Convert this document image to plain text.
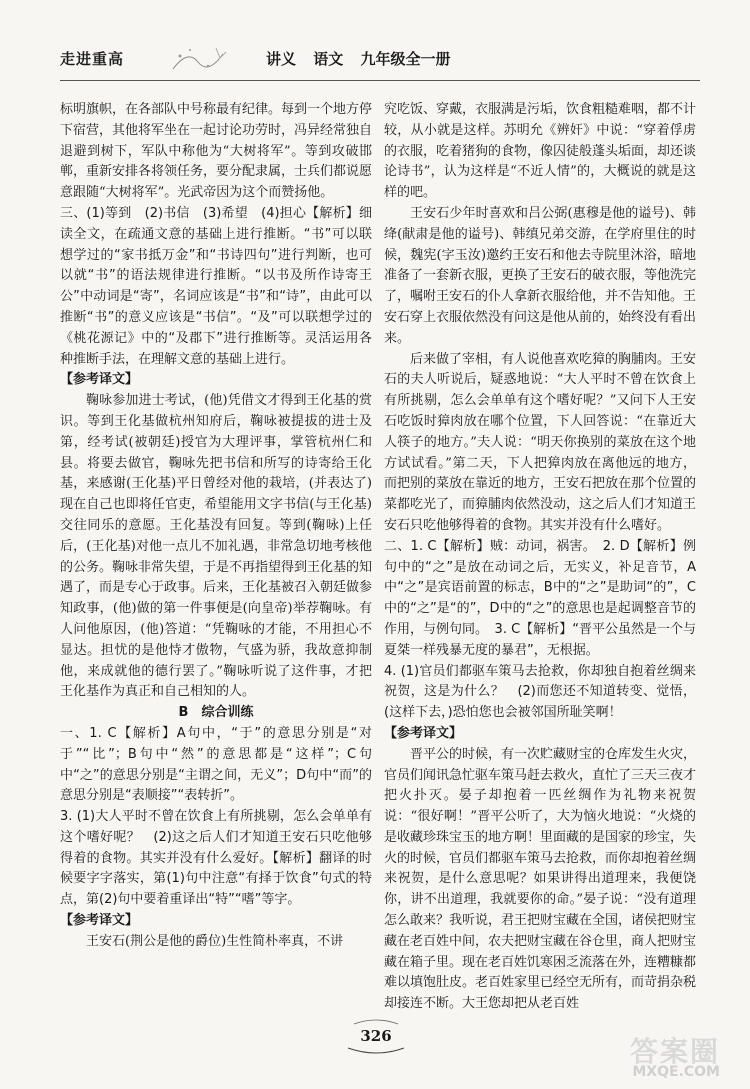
走进重高	讲义 语文 九年级全一册

标明旗帜，在各部队中号称最有纪律。每到一个地方停下宿营，其他将军坐在一起讨论功劳时，冯异经常独自退避到树下，军队中称他为“大树将军”。等到攻破邯郸，重新安排各将领任务，要分配隶属，士兵们都说愿意跟随“大树将军”。光武帝因为这个而赞扬他。

三、(1)等到　(2)书信　(3)希望　(4)担心【解析】细读全文，在疏通文意的基础上进行推断。“书”可以联想学过的“家书抵万金”和“书诗四句”进行判断，也可以就“书”的语法规律进行推断。“以书及所作诗寄王公”中动词是“寄”，名词应该是“书”和“诗”，由此可以推断“书”的意义应该是“书信”。“及”可以联想学过的《桃花源记》中的“及郡下”进行推断等。灵活运用各种推断手法，在理解文意的基础上进行。

【参考译文】

鞠咏参加进士考试，(他)凭借文才得到王化基的赏识。等到王化基做杭州知府后，鞠咏被提拔的进士及第，经考试(被朝廷)授官为大理评事，掌管杭州仁和县。将要去做官，鞠咏先把书信和所写的诗寄给王化基，来感谢(王化基)平日曾经对他的栽培，(并表达了)现在自己也即将任官吏，希望能用文字书信(与王化基)交往同乐的意愿。王化基没有回复。等到(鞠咏)上任后，(王化基)对他一点儿不加礼遇，非常急切地考核他的公务。鞠咏非常失望，于是不再指望得到王化基的知遇了，而是专心于政事。后来，王化基被召入朝廷做参知政事，(他)做的第一件事便是(向皇帝)举荐鞠咏。有人问他原因，(他)答道：“凭鞠咏的才能，不用担心不显达。担忧的是他恃才傲物，气盛为骄，我故意抑制他，来成就他的德行罢了。”鞠咏听说了这件事，才把王化基作为真正和自己相知的人。

B　综合训练

一、1. C【解析】A句中，“于”的意思分别是“对于”“比”；B句中“然”的意思都是“这样”；C句中“之”的意思分别是“主谓之间，无义”；D句中“而”的意思分别是“表顺接”“表转折”。

3. (1)大人平时不曾在饮食上有所挑剔，怎么会单单有这个嗜好呢？　(2)这之后人们才知道王安石只吃他够得着的食物。其实并没有什么爱好。【解析】翻译的时候要字字落实，第(1)句中注意“有择于饮食”句式的特点，第(2)句中要着重译出“特”“嗜”等字。

【参考译文】

王安石(荆公是他的爵位)生性简朴率真，不讲

究吃饭、穿戴，衣服满是污垢，饮食粗糙难咽，都不计较，从小就是这样。苏明允《辨奸》中说：“穿着俘虏的衣服，吃着猪狗的食物，像囚徒般蓬头垢面，却还谈论诗书”，认为这样是“不近人情”的，大概说的就是这样的吧。

王安石少年时喜欢和吕公弼(惠穆是他的谥号)、韩绛(献肃是他的谥号)、韩缜兄弟交游，在学府里住的时候，魏宪(字玉汝)邀约王安石和他去寺院里沐浴，暗地准备了一套新衣服，更换了王安石的破衣服，等他洗完了，嘱咐王安石的仆人拿新衣服给他，并不告知他。王安石穿上衣服依然没有问这是他从前的，始终没有看出来。

后来做了宰相，有人说他喜欢吃獐的胸脯肉。王安石的夫人听说后，疑惑地说：“大人平时不曾在饮食上有所挑剔，怎么会单单有这个嗜好呢？”又问下人王安石吃饭时獐肉放在哪个位置，下人回答说：“在靠近大人筷子的地方。”夫人说：“明天你换别的菜放在这个地方试试看。”第二天，下人把獐肉放在离他远的地方，而把别的菜放在靠近的地方，王安石把放在那个位置的菜都吃光了，而獐脯肉依然没动，这之后人们才知道王安石只吃他够得着的食物。其实并没有什么嗜好。

二、1. C【解析】贼：动词，祸害。　2. D【解析】例句中的“之”是放在动词之后，无实义，补足音节，A中“之”是宾语前置的标志，B中的“之”是助词“的”，C中的“之”是“的”，D中的“之”的意思也是起调整音节的作用，与例句同。　3. C【解析】“晋平公虽然是一个与夏桀一样残暴无度的暴君”，无根据。

4. (1)官员们都驱车策马去抢救，你却独自抱着丝绸来祝贺，这是为什么？　(2)而您还不知道转变、觉悟，(这样下去，)恐怕您也会被邻国所耻笑啊！

【参考译文】

晋平公的时候，有一次贮藏财宝的仓库发生火灾，官员们闻讯急忙驱车策马赶去救火，直忙了三天三夜才把火扑灭。晏子却抱着一匹丝绸作为礼物来祝贺说：“很好啊！”晋平公听了，大为恼火地说：“火烧的是收藏珍珠宝玉的地方啊！里面藏的是国家的珍宝，失火的时候，官员们都驱车策马去抢救，而你却抱着丝绸来祝贺，是什么意思呢？如果讲得出道理来，我便饶你，讲不出道理，我就要你的命。”晏子说：“没有道理怎么敢来？我听说，君王把财宝藏在全国，诸侯把财宝藏在老百姓中间，农夫把财宝藏在谷仓里，商人把财宝藏在箱子里。现在老百姓饥寒困乏流落在外，连糟糠都难以填饱肚皮。老百姓家里已经空无所有，而苛捐杂税却接连不断。大王您却把从老百姓

326	答案圈
MXQE.COM
